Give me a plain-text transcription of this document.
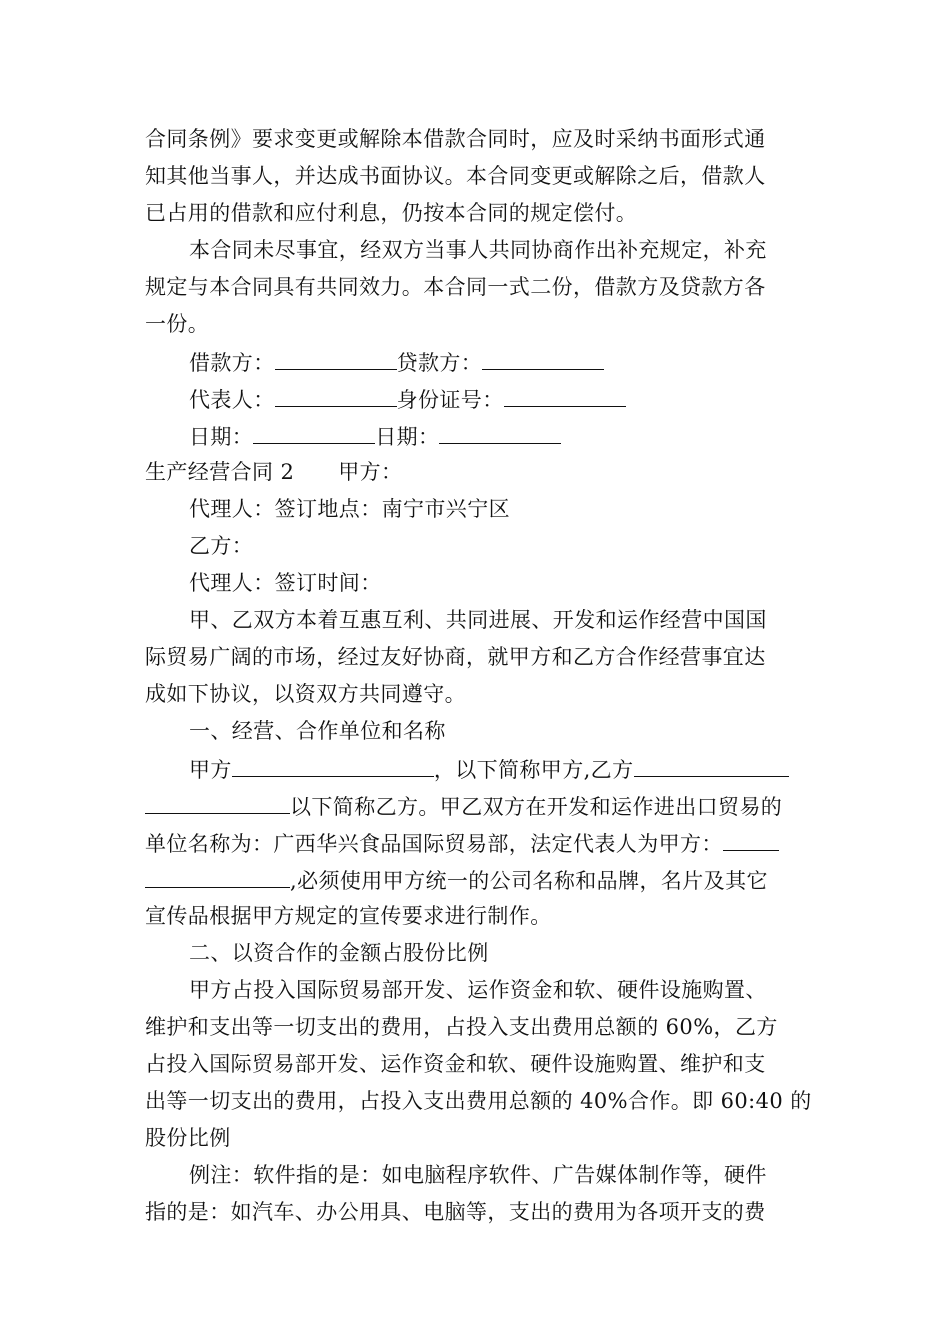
合同条例》要求变更或解除本借款合同时，应及时采纳书面形式通
知其他当事人，并达成书面协议。本合同变更或解除之后，借款人
已占用的借款和应付利息，仍按本合同的规定偿付。
本合同未尽事宜，经双方当事人共同协商作出补充规定，补充
规定与本合同具有共同效力。本合同一式二份，借款方及贷款方各
一份。
借款方：	贷款方：
代表人：	身份证号：
日期：	日期：
生产经营合同 2 甲方：
代理人：签订地点：南宁市兴宁区
乙方：
代理人：签订时间：
甲、乙双方本着互惠互利、共同进展、开发和运作经营中国国
际贸易广阔的市场，经过友好协商，就甲方和乙方合作经营事宜达
成如下协议，以资双方共同遵守。
一、经营、合作单位和名称
甲方	，以下简称甲方,乙方
以下简称乙方。甲乙双方在开发和运作进出口贸易的
单位名称为：广西华兴食品国际贸易部，法定代表人为甲方：
,必须使用甲方统一的公司名称和品牌，名片及其它
宣传品根据甲方规定的宣传要求进行制作。
二、以资合作的金额占股份比例
甲方占投入国际贸易部开发、运作资金和软、硬件设施购置、
维护和支出等一切支出的费用，占投入支出费用总额的 60%，乙方
占投入国际贸易部开发、运作资金和软、硬件设施购置、维护和支
出等一切支出的费用，占投入支出费用总额的 40%合作。即 60:40 的
股份比例
例注：软件指的是：如电脑程序软件、广告媒体制作等，硬件
指的是：如汽车、办公用具、电脑等，支出的费用为各项开支的费
